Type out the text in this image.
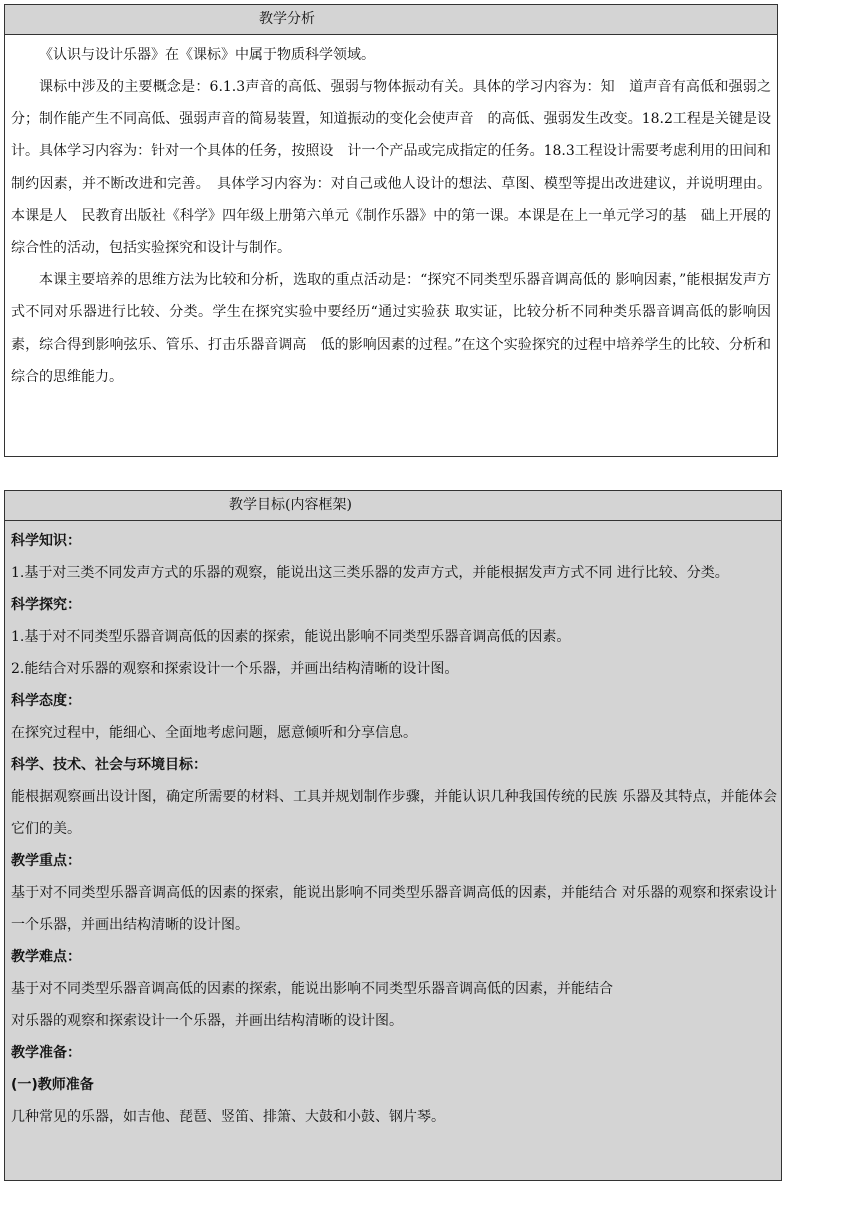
教学分析

《认识与设计乐器》在《课标》中属于物质科学领域。

课标中涉及的主要概念是：6.1.3声音的高低、强弱与物体振动有关。具体的学习内容为：知　道声音有高低和强弱之分；制作能产生不同高低、强弱声音的简易装置，知道振动的变化会使声音　的高低、强弱发生改变。18.2工程是关键是设计。具体学习内容为：针对一个具体的任务，按照设　计一个产品或完成指定的任务。18.3工程设计需要考虑利用的田间和制约因素，并不断改进和完善。　具体学习内容为：对自己或他人设计的想法、草图、模型等提出改进建议，并说明理由。本课是人　民教育出版社《科学》四年级上册第六单元《制作乐器》中的第一课。本课是在上一单元学习的基　础上开展的综合性的活动，包括实验探究和设计与制作。

本课主要培养的思维方法为比较和分析，选取的重点活动是：“探究不同类型乐器音调高低的 影响因素，”能根据发声方式不同对乐器进行比较、分类。学生在探究实验中要经历“通过实验获 取实证，比较分析不同种类乐器音调高低的影响因素，综合得到影响弦乐、管乐、打击乐器音调高　低的影响因素的过程。”在这个实验探究的过程中培养学生的比较、分析和综合的思维能力。

教学目标(内容框架)
科学知识：
1.基于对三类不同发声方式的乐器的观察，能说出这三类乐器的发声方式，并能根据发声方式不同 进行比较、分类。
科学探究：
1.基于对不同类型乐器音调高低的因素的探索，能说出影响不同类型乐器音调高低的因素。
2.能结合对乐器的观察和探索设计一个乐器，并画出结构清晰的设计图。
科学态度：
在探究过程中，能细心、全面地考虑问题，愿意倾听和分享信息。
科学、技术、社会与环境目标：
能根据观察画出设计图，确定所需要的材料、工具并规划制作步骤，并能认识几种我国传统的民族 乐器及其特点，并能体会它们的美。
教学重点：
基于对不同类型乐器音调高低的因素的探索，能说出影响不同类型乐器音调高低的因素，并能结合 对乐器的观察和探索设计一个乐器，并画出结构清晰的设计图。
教学难点：
基于对不同类型乐器音调高低的因素的探索，能说出影响不同类型乐器音调高低的因素，并能结合
对乐器的观察和探索设计一个乐器，并画出结构清晰的设计图。
教学准备：
(一)教师准备
几种常见的乐器，如吉他、琵琶、竖笛、排箫、大鼓和小鼓、钢片琴。
